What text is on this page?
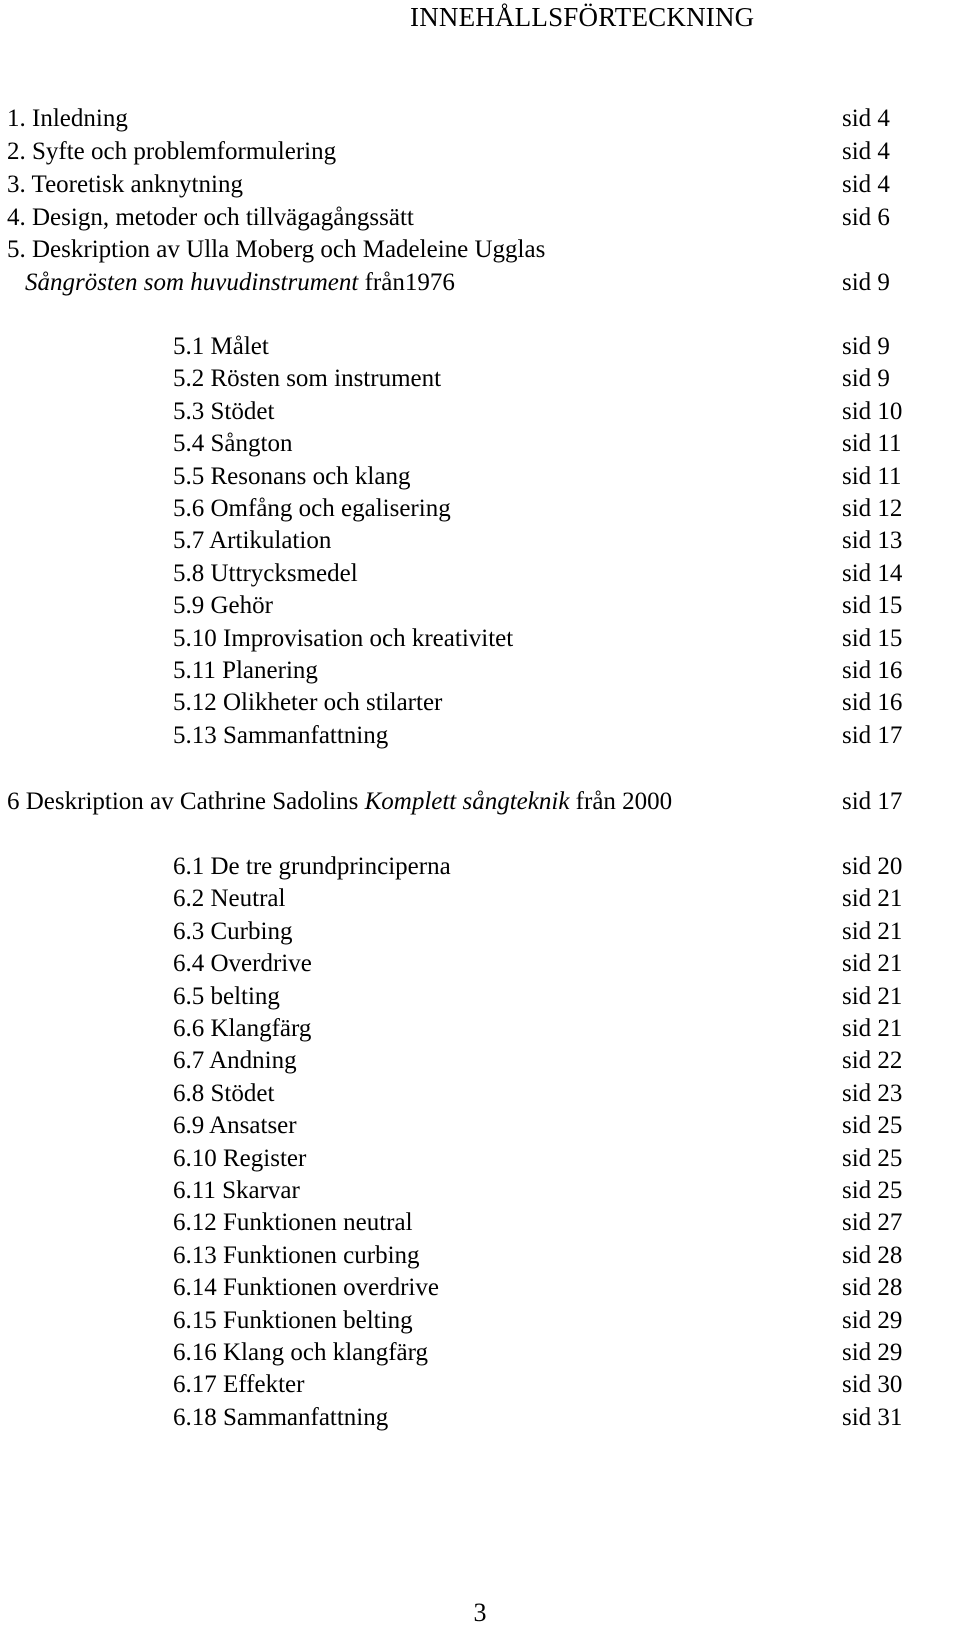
INNEHÅLLSFÖRTECKNING
1. Inledning	sid 4
2. Syfte och problemformulering	sid 4
3. Teoretisk anknytning	sid 4
4. Design, metoder och tillvägagångssätt	sid 6
5. Deskription av Ulla Moberg och Madeleine Ugglas
Sångrösten som huvudinstrument från1976	sid 9
5.1 Målet	sid 9
5.2 Rösten som instrument	sid 9
5.3 Stödet	sid 10
5.4 Sångton	sid 11
5.5 Resonans och klang	sid 11
5.6 Omfång och egalisering	sid 12
5.7 Artikulation	sid 13
5.8 Uttrycksmedel	sid 14
5.9 Gehör	sid 15
5.10 Improvisation och kreativitet	sid 15
5.11 Planering	sid 16
5.12 Olikheter och stilarter	sid 16
5.13 Sammanfattning	sid 17
6 Deskription av Cathrine Sadolins Komplett sångteknik från 2000	sid 17
6.1 De tre grundprinciperna	sid 20
6.2 Neutral	sid 21
6.3 Curbing	sid 21
6.4 Overdrive	sid 21
6.5 belting	sid 21
6.6 Klangfärg	sid 21
6.7 Andning	sid 22
6.8 Stödet	sid 23
6.9 Ansatser	sid 25
6.10 Register	sid 25
6.11 Skarvar	sid 25
6.12 Funktionen neutral	sid 27
6.13 Funktionen curbing	sid 28
6.14 Funktionen overdrive	sid 28
6.15 Funktionen belting	sid 29
6.16 Klang och klangfärg	sid 29
6.17 Effekter	sid 30
6.18 Sammanfattning	sid 31
3
